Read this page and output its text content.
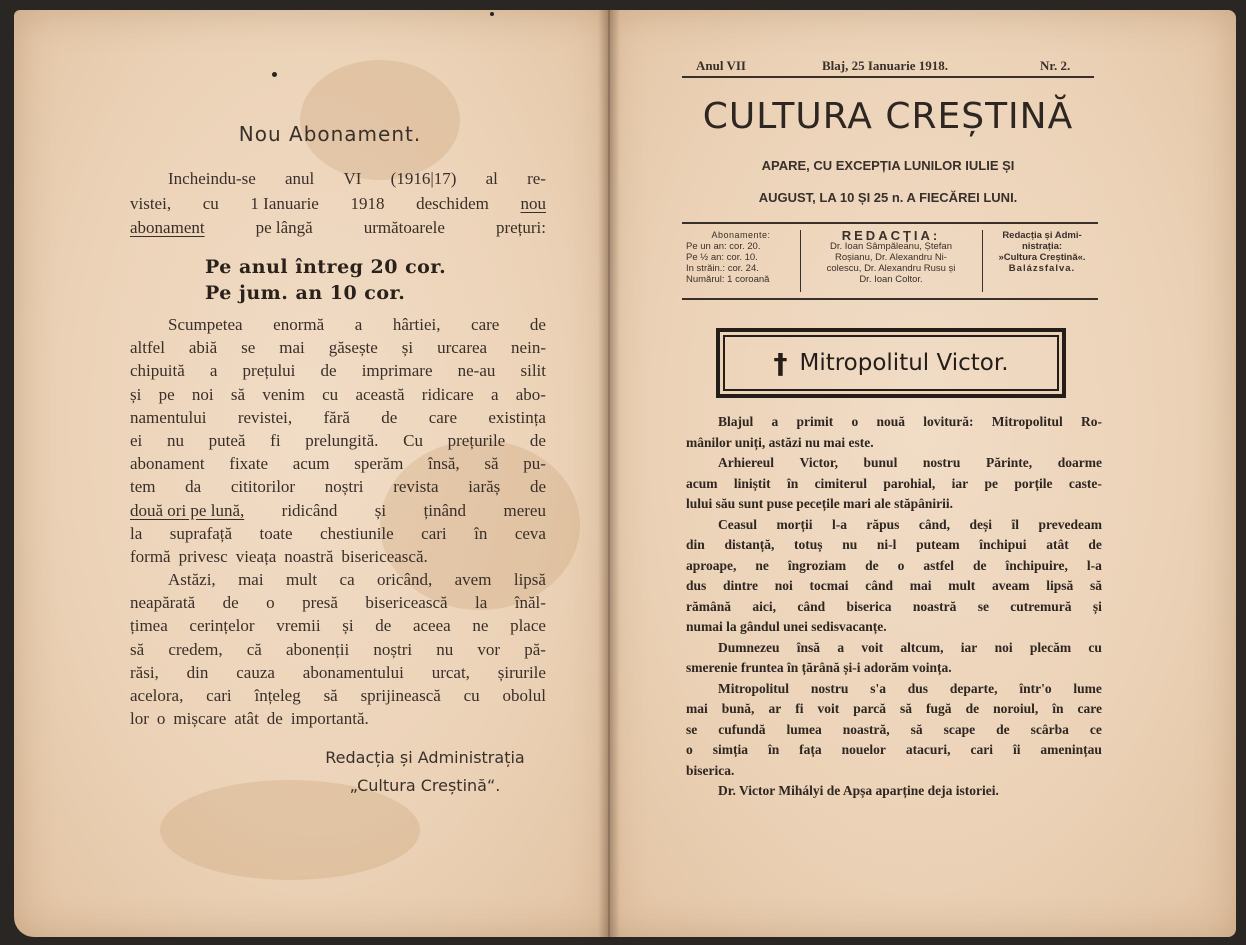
Nou Abonament.
Incheindu-se anul VI (1916|17) al re-
vistei, cu 1 Ianuarie 1918 deschidem nou
abonament	pe lângă	următoarele	prețuri:
Scumpetea enormă a hârtiei, care de
altfel abiă se mai găsește și urcarea nein-
chipuită a prețului de imprimare ne-au silit
și pe noi să venim cu această ridicare a abo-
namentului revistei, fără de care existința
ei nu puteă fi prelungită. Cu prețurile de
abonament fixate acum sperăm însă, să pu-
tem da cititorilor noștri revista iarăș de
două ori pe lună, ridicând și ținând mereu
la suprafață toate chestiunile cari în ceva
formă privesc vieața noastră bisericească.
Astăzi, mai mult ca oricând, avem lipsă
neapărată de o presă bisericească la înăl-
țimea cerințelor vremii și de aceea ne place
să credem, că abonenții noștri nu vor pă-
răsi, din cauza abonamentului urcat, șirurile
acelora, cari înțeleg să sprijinească cu obolul
lor o mișcare atât de importantă.
Pe anul întreg 20 cor.
Pe jum. an 10 cor.
Redacția și Administrația
„Cultura Creștină“.
Anul VII	Blaj, 25 Ianuarie 1918.	Nr. 2.
CULTURA CREȘTINĂ
APARE, CU EXCEPȚIA LUNILOR IULIE ȘI
AUGUST, LA 10 ȘI 25 n. A FIECĂREI LUNI.
Abonamente:
Pe un an: cor. 20.
Pe ½ an: cor. 10.
In străin.: cor. 24.
Numărul: 1 coroană
REDACȚIA:
Dr. Ioan Sâmpăleanu, Ștefan
Roșianu, Dr. Alexandru Ni-
colescu, Dr. Alexandru Rusu și
Dr. Ioan Coltor.
Redacția și Admi-
nistrația:
»Cultura Creștină«.
Balázsfalva.
† Mitropolitul Victor.
Blajul a primit o nouă lovitură: Mitropolitul Ro-
mânilor uniți, astăzi nu mai este.
Arhiereul Victor, bunul nostru Părinte, doarme
acum liniștit în cimiterul parohial, iar pe porțile caste-
lului său sunt puse pecețile mari ale stăpânirii.
Ceasul morții l-a răpus când, deși îl prevedeam
din distanță, totuș nu ni-l puteam închipui atât de
aproape, ne îngroziam de o astfel de închipuire, l-a
dus dintre noi tocmai când mai mult aveam lipsă să
rămână aici, când biserica noastră se cutremură și
numai la gândul unei sedisvacanțe.
Dumnezeu însă a voit altcum, iar noi plecăm cu
smerenie fruntea în țărână și-i adorăm voința.
Mitropolitul nostru s'a dus departe, într'o lume
mai bună, ar fi voit parcă să fugă de noroiul, în care
se cufundă lumea noastră, să scape de scârba ce
o simția în fața nouelor atacuri, cari îi amenințau
biserica.
Dr. Victor Mihályi de Apșa aparține deja istoriei.
